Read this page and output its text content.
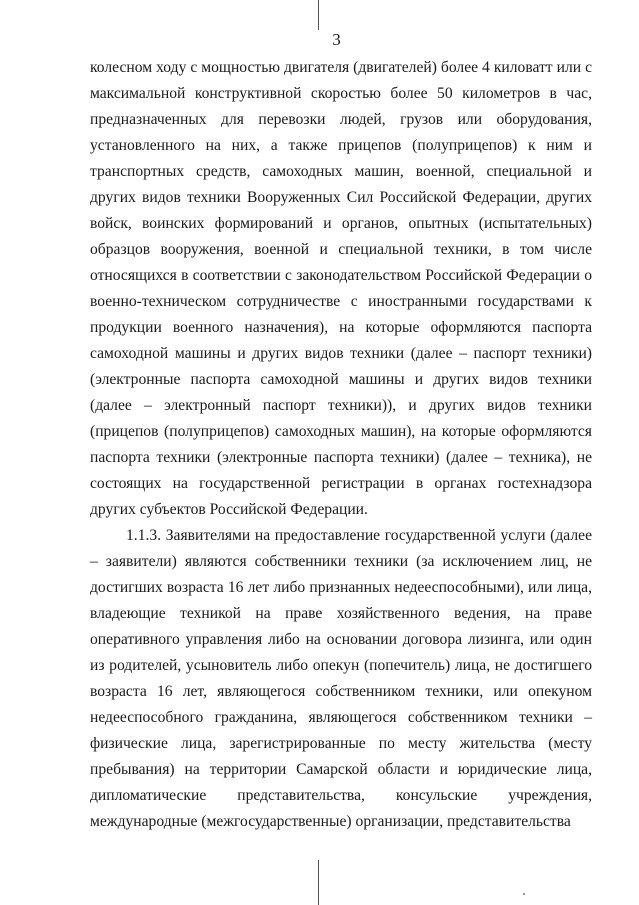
3

колесном ходу с мощностью двигателя (двигателей) более 4 киловатт или с максимальной конструктивной скоростью более 50 километров в час, предназначенных для перевозки людей, грузов или оборудования, установленного на них, а также прицепов (полуприцепов) к ним и транспортных средств, самоходных машин, военной, специальной и других видов техники Вооруженных Сил Российской Федерации, других войск, воинских формирований и органов, опытных (испытательных) образцов вооружения, военной и специальной техники, в том числе относящихся в соответствии с законодательством Российской Федерации о военно-техническом сотрудничестве с иностранными государствами к продукции военного назначения), на которые оформляются паспорта самоходной машины и других видов техники (далее – паспорт техники) (электронные паспорта самоходной машины и других видов техники (далее – электронный паспорт техники)), и других видов техники (прицепов (полуприцепов) самоходных машин), на которые оформляются паспорта техники (электронные паспорта техники) (далее – техника), не состоящих на государственной регистрации в органах гостехнадзора других субъектов Российской Федерации.

1.1.3. Заявителями на предоставление государственной услуги (далее – заявители) являются собственники техники (за исключением лиц, не достигших возраста 16 лет либо признанных недееспособными), или лица, владеющие техникой на праве хозяйственного ведения, на праве оперативного управления либо на основании договора лизинга, или один из родителей, усыновитель либо опекун (попечитель) лица, не достигшего возраста 16 лет, являющегося собственником техники, или опекуном недееспособного гражданина, являющегося собственником техники – физические лица, зарегистрированные по месту жительства (месту пребывания) на территории Самарской области и юридические лица, дипломатические представительства, консульские учреждения, международные (межгосударственные) организации, представительства
